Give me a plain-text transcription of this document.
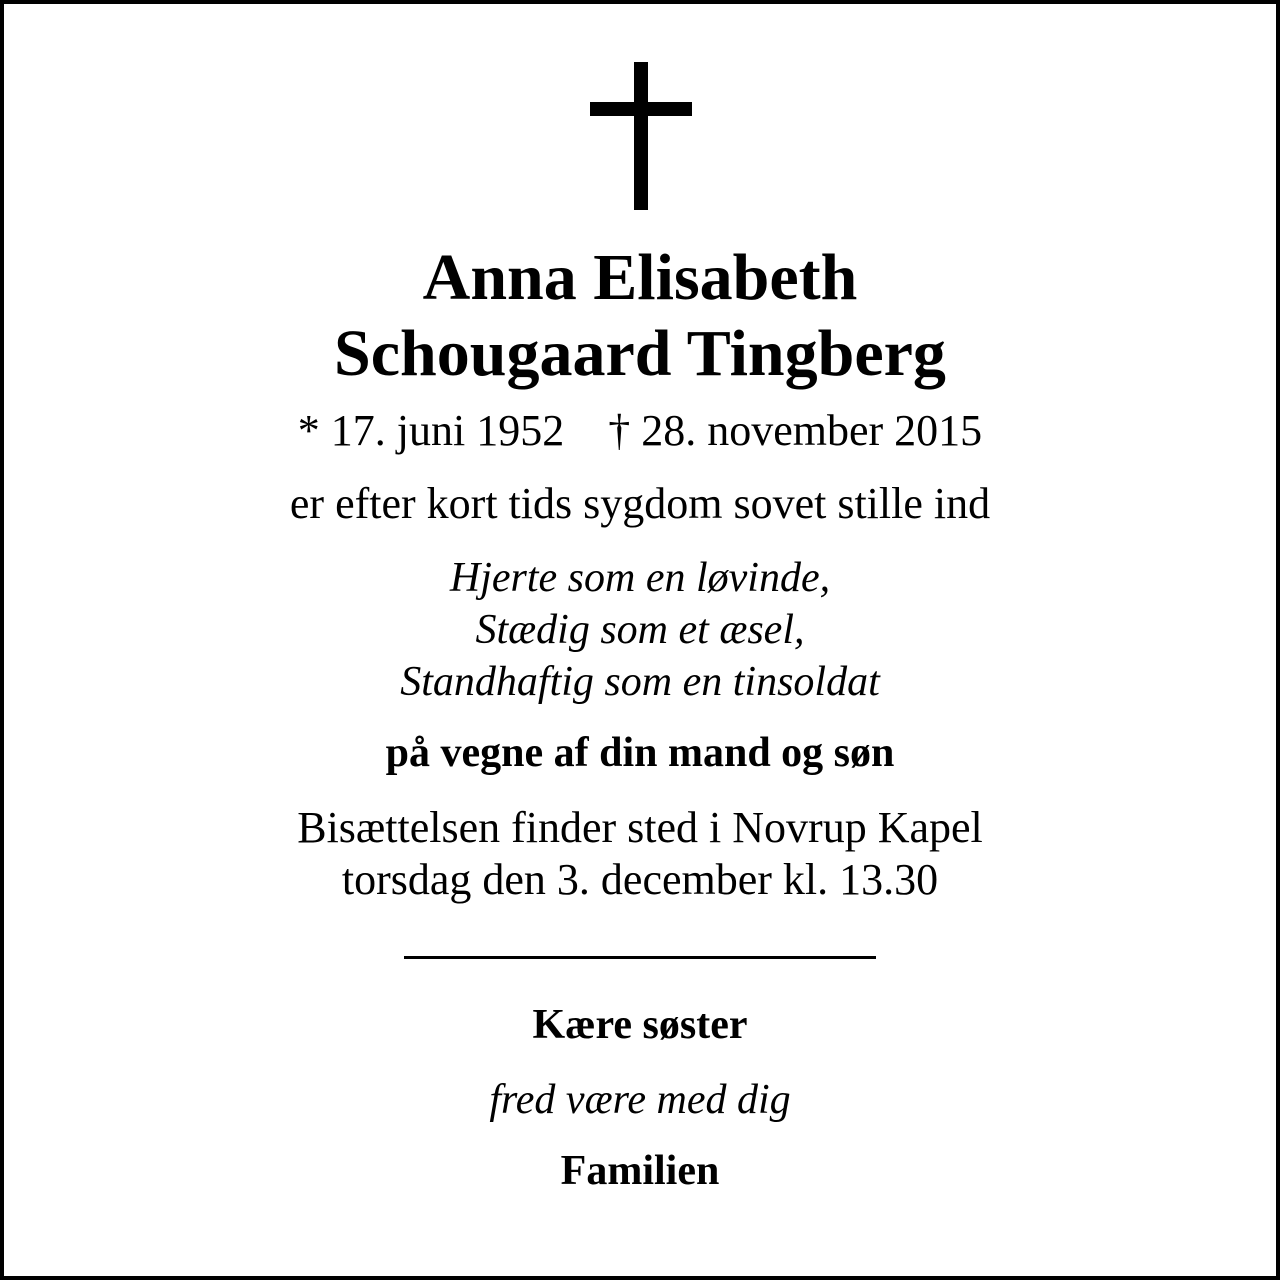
Anna Elisabeth
Schougaard Tingberg
* 17. juni 1952 † 28. november 2015
er efter kort tids sygdom sovet stille ind
Hjerte som en løvinde,
Stædig som et æsel,
Standhaftig som en tinsoldat
på vegne af din mand og søn
Bisættelsen finder sted i Novrup Kapel
torsdag den 3. december kl. 13.30
Kære søster
fred være med dig
Familien
